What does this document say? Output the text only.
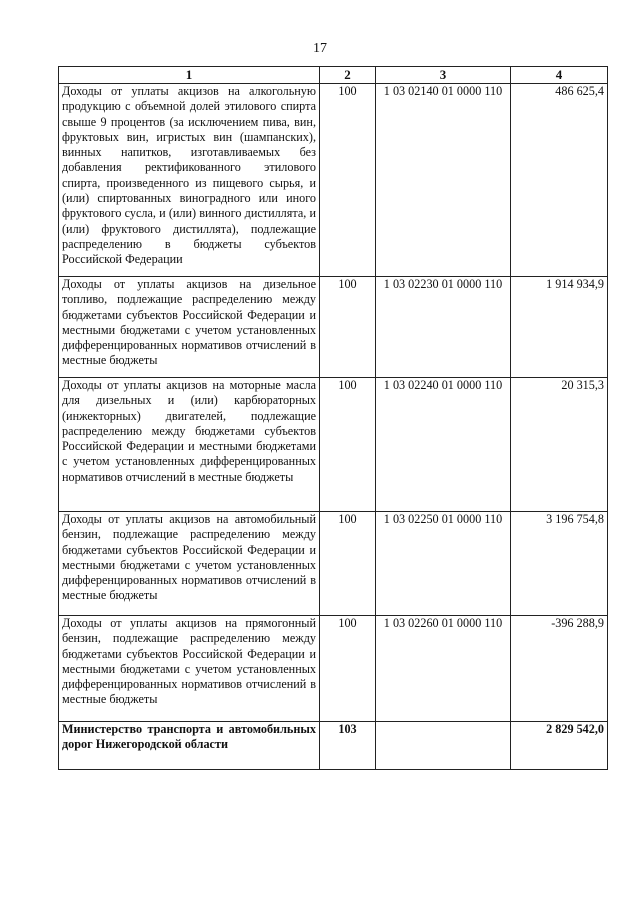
17
1	2	3	4
Доходы от уплаты акцизов на алкогольную продукцию с объемной долей этилового спирта свыше 9 процентов (за исключением пива, вин, фруктовых вин, игристых вин (шампанских), винных напитков, изготавливаемых без добавления ректификованного этилового спирта, произведенного из пищевого сырья, и (или) спиртованных виноградного или иного фруктового сусла, и (или) винного дистиллята, и (или) фруктового дистиллята), подлежащие распределению в бюджеты субъектов Российской Федерации	100	1 03 02140 01 0000 110	486 625,4
Доходы от уплаты акцизов на дизельное топливо, подлежащие распределению между бюджетами субъектов Российской Федерации и местными бюджетами с учетом установленных дифференцированных нормативов отчислений в местные бюджеты	100	1 03 02230 01 0000 110	1 914 934,9
Доходы от уплаты акцизов на моторные масла для дизельных и (или) карбюраторных (инжекторных) двигателей, подлежащие распределению между бюджетами субъектов Российской Федерации и местными бюджетами с учетом установленных дифференцированных нормативов отчислений в местные бюджеты	100	1 03 02240 01 0000 110	20 315,3
Доходы от уплаты акцизов на автомобильный бензин, подлежащие распределению между бюджетами субъектов Российской Федерации и местными бюджетами с учетом установленных дифференцированных нормативов отчислений в местные бюджеты	100	1 03 02250 01 0000 110	3 196 754,8
Доходы от уплаты акцизов на прямогонный бензин, подлежащие распределению между бюджетами субъектов Российской Федерации и местными бюджетами с учетом установленных дифференцированных нормативов отчислений в местные бюджеты	100	1 03 02260 01 0000 110	-396 288,9
Министерство транспорта и автомобильных дорог Нижегородской области	103		2 829 542,0
